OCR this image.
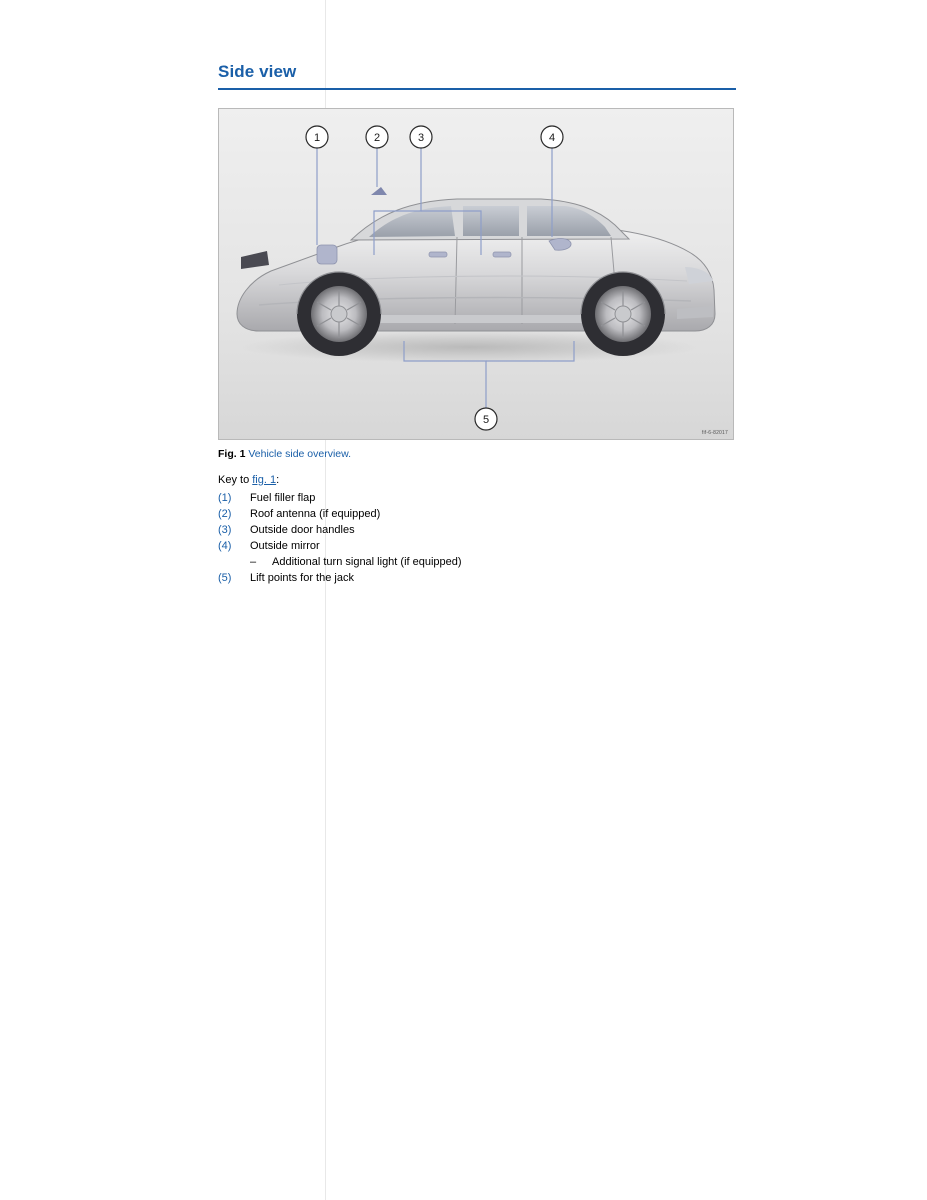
Side view
1	2	3	4
5
fif-6-82017
Fig. 1 Vehicle side overview.
Key to fig. 1:
(1)	Fuel filler flap
(2)	Roof antenna (if equipped)
(3)	Outside door handles
(4)	Outside mirror
	– Additional turn signal light (if equipped)
(5)	Lift points for the jack
